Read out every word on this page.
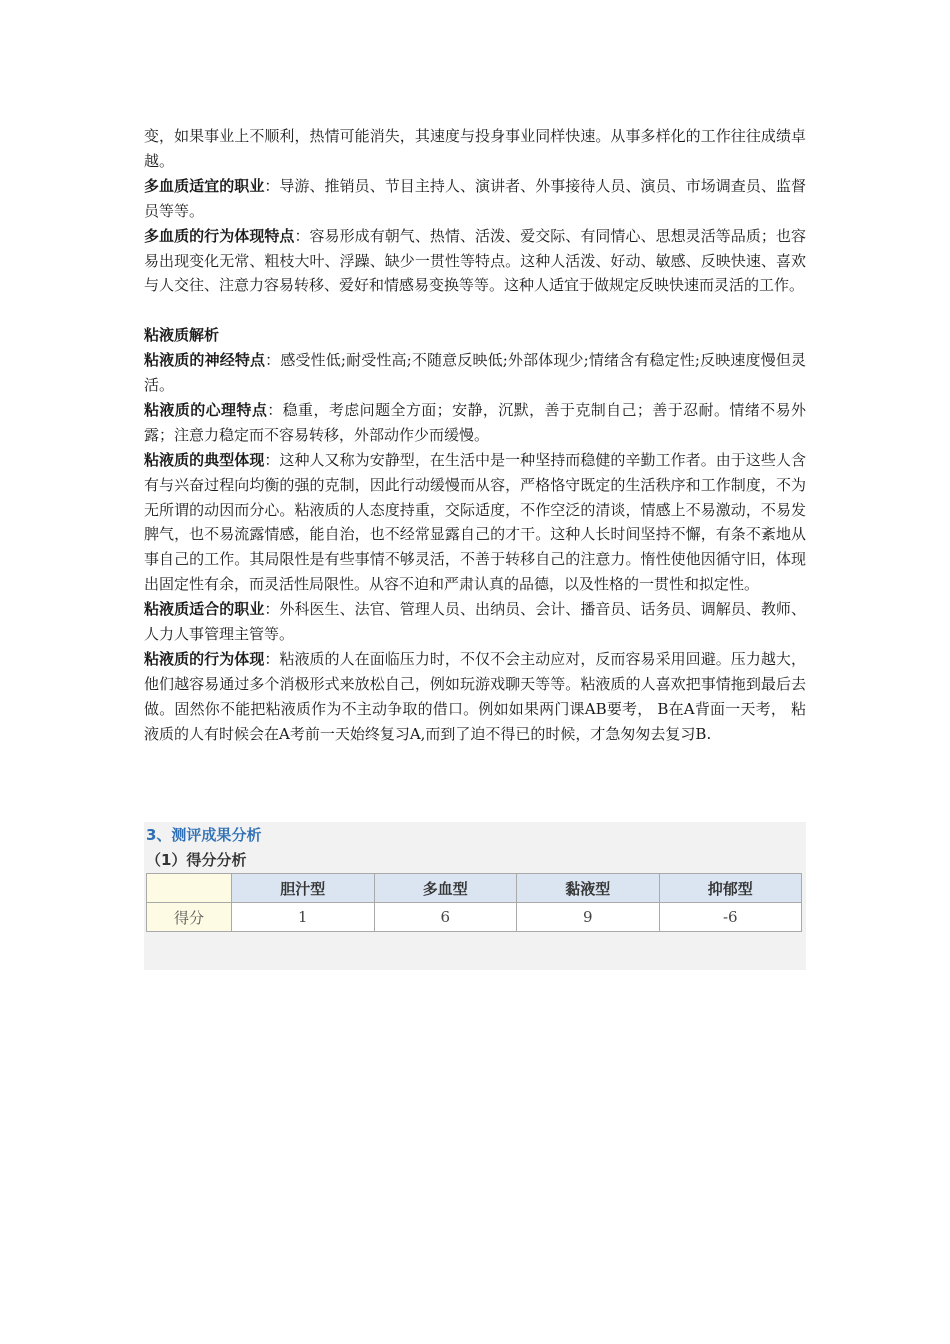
变，如果事业上不顺利，热情可能消失，其速度与投身事业同样快速。从事多样化的工作往往成绩卓越。

多血质适宜的职业：导游、推销员、节目主持人、演讲者、外事接待人员、演员、市场调查员、监督员等等。

多血质的行为体现特点：容易形成有朝气、热情、活泼、爱交际、有同情心、思想灵活等品质；也容易出现变化无常、粗枝大叶、浮躁、缺少一贯性等特点。这种人活泼、好动、敏感、反映快速、喜欢与人交往、注意力容易转移、爱好和情感易变换等等。这种人适宜于做规定反映快速而灵活的工作。

粘液质解析

粘液质的神经特点：感受性低;耐受性高;不随意反映低;外部体现少;情绪含有稳定性;反映速度慢但灵活。

粘液质的心理特点：稳重，考虑问题全方面；安静，沉默，善于克制自己；善于忍耐。情绪不易外露；注意力稳定而不容易转移，外部动作少而缓慢。

粘液质的典型体现：这种人又称为安静型，在生活中是一种坚持而稳健的辛勤工作者。由于这些人含有与兴奋过程向均衡的强的克制，因此行动缓慢而从容，严格恪守既定的生活秩序和工作制度，不为无所谓的动因而分心。粘液质的人态度持重，交际适度，不作空泛的清谈，情感上不易激动，不易发脾气，也不易流露情感，能自治，也不经常显露自己的才干。这种人长时间坚持不懈，有条不紊地从事自己的工作。其局限性是有些事情不够灵活，不善于转移自己的注意力。惰性使他因循守旧，体现出固定性有余，而灵活性局限性。从容不迫和严肃认真的品德，以及性格的一贯性和拟定性。

粘液质适合的职业：外科医生、法官、管理人员、出纳员、会计、播音员、话务员、调解员、教师、人力人事管理主管等。

粘液质的行为体现：粘液质的人在面临压力时，不仅不会主动应对，反而容易采用回避。压力越大，他们越容易通过多个消极形式来放松自己，例如玩游戏聊天等等。粘液质的人喜欢把事情拖到最后去做。固然你不能把粘液质作为不主动争取的借口。例如如果两门课AB要考， B在A背面一天考， 粘液质的人有时候会在A考前一天始终复习A,而到了迫不得已的时候，才急匆匆去复习B.

3、测评成果分析
（1）得分分析
	胆汁型	多血型	黏液型	抑郁型
得分	1	6	9	-6
